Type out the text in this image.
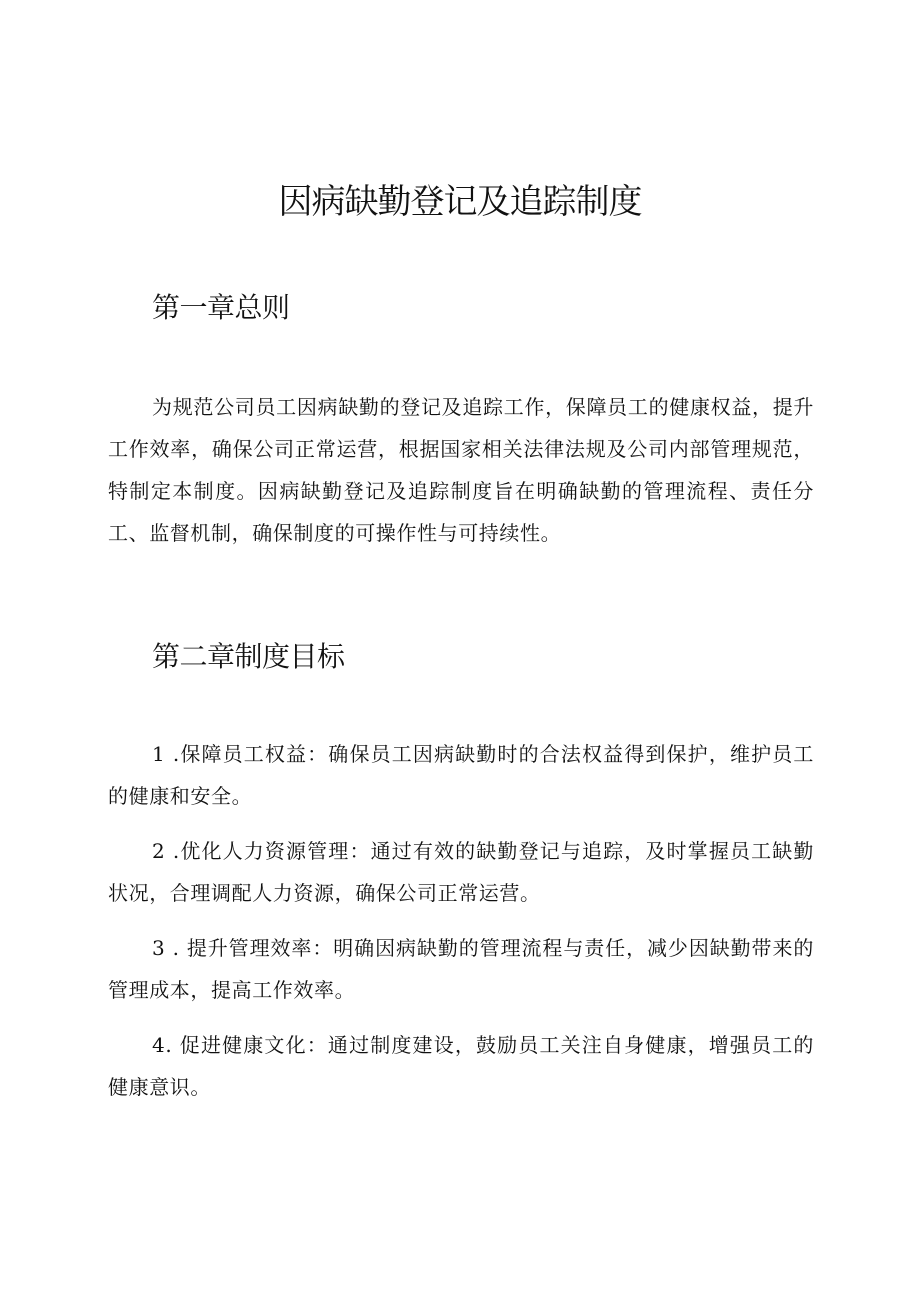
因病缺勤登记及追踪制度
第一章总则

为规范公司员工因病缺勤的登记及追踪工作，保障员工的健康权益，提升工作效率，确保公司正常运营，根据国家相关法律法规及公司内部管理规范，特制定本制度。因病缺勤登记及追踪制度旨在明确缺勤的管理流程、责任分工、监督机制，确保制度的可操作性与可持续性。

第二章制度目标

1 .保障员工权益：确保员工因病缺勤时的合法权益得到保护，维护员工的健康和安全。

2 .优化人力资源管理：通过有效的缺勤登记与追踪，及时掌握员工缺勤状况，合理调配人力资源，确保公司正常运营。

3 . 提升管理效率：明确因病缺勤的管理流程与责任，减少因缺勤带来的管理成本，提高工作效率。

4. 促进健康文化：通过制度建设，鼓励员工关注自身健康，增强员工的健康意识。
